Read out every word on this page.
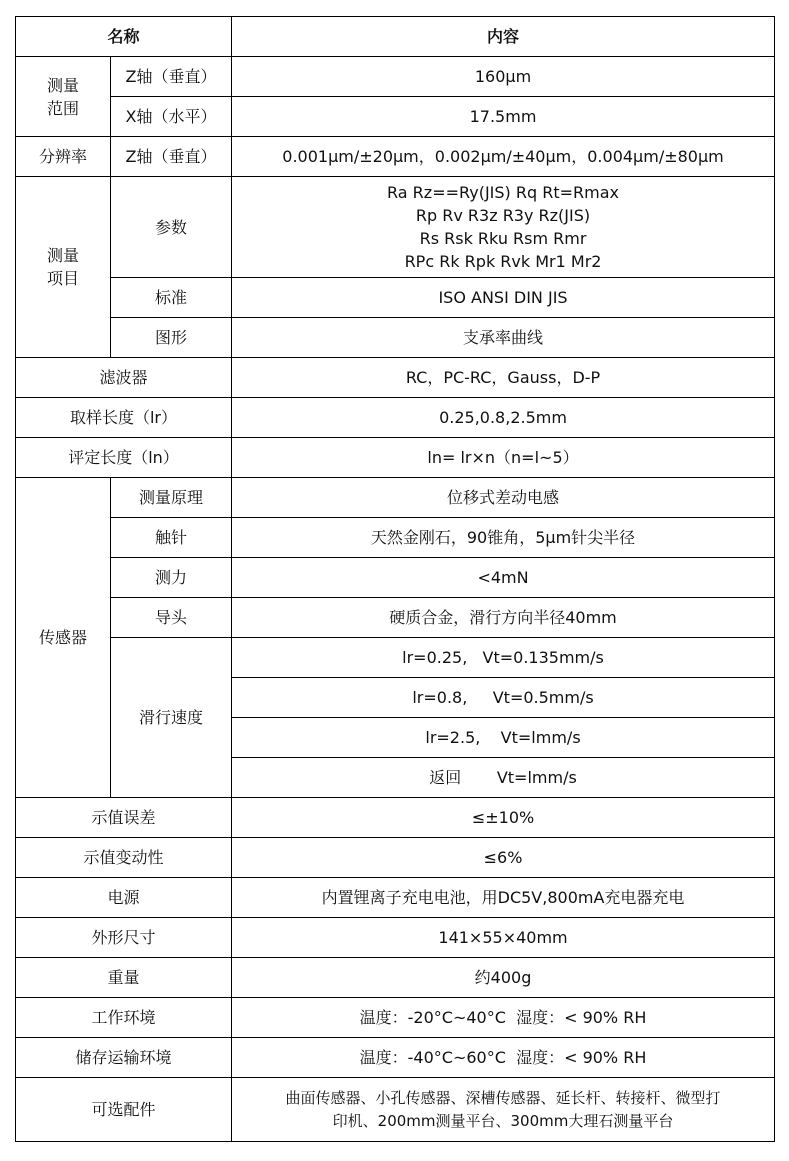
名称		内容

测量
范围	Z轴（垂直）	160μm
	X轴（水平）	17.5mm
分辨率	Z轴（垂直）	0.001μm/±20μm，0.002μm/±40μm，0.004μm/±80μm

测量
项目	参数	Ra Rz==Ry(JIS) Rq Rt=Rmax
Rp Rv R3z R3y Rz(JIS)
Rs Rsk Rku Rsm Rmr
RPc Rk Rpk Rvk Mr1 Mr2

	标准	ISO ANSI DIN JIS
	图形	支承率曲线
滤波器		RC，PC-RC，Gauss，D-P
取样长度（lr）		0.25,0.8,2.5mm
评定长度（ln）		ln= lr×n（n=l~5）
传感器	测量原理	位移式差动电感
	触针	天然金刚石，90锥角，5μm针尖半径
	测力	<4mN
	导头	硬质合金，滑行方向半径40mm
	滑行速度	lr=0.25,   Vt=0.135mm/s
		lr=0.8,     Vt=0.5mm/s
		lr=2.5,    Vt=lmm/s
		返回       Vt=lmm/s
示值误差		≤±10%
示值变动性		≤6%
电源		内置锂离子充电电池，用DC5V,800mA充电器充电
外形尺寸		141×55×40mm
重量		约400g
工作环境		温度：-20°C~40°C  湿度：< 90% RH
储存运输环境		温度：-40°C~60°C  湿度：< 90% RH
可选配件		曲面传感器、小孔传感器、深槽传感器、延长杆、转接杆、微型打
印机、200mm测量平台、300mm大理石测量平台
